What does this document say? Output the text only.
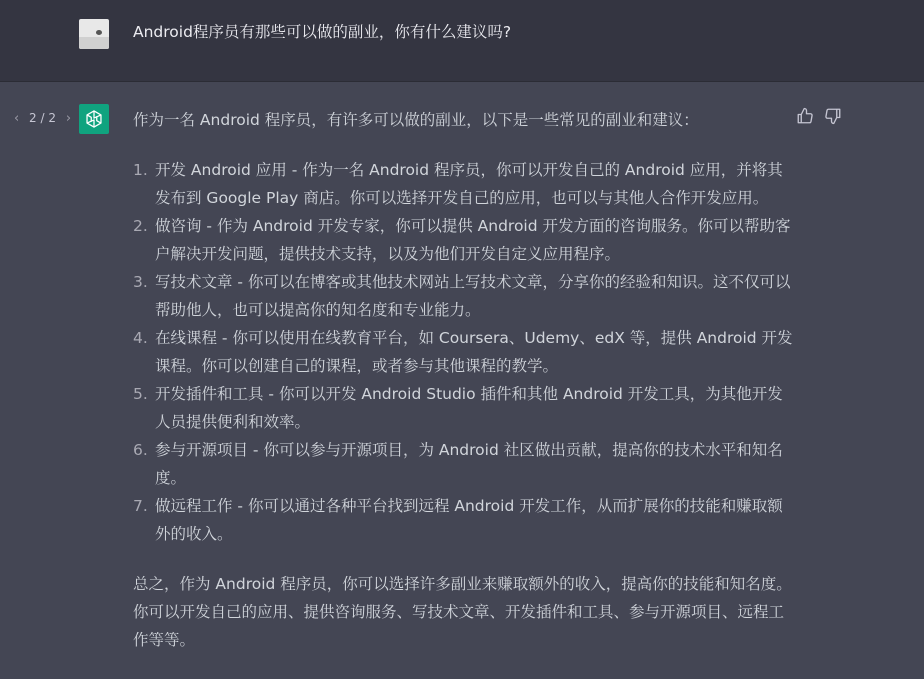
Android程序员有那些可以做的副业，你有什么建议吗?
‹ 2 / 2 ›	作为一名 Android 程序员，有许多可以做的副业，以下是一些常见的副业和建议：

1. 开发 Android 应用 - 作为一名 Android 程序员，你可以开发自己的 Android 应用，并将其发布到 Google Play 商店。你可以选择开发自己的应用，也可以与其他人合作开发应用。
2. 做咨询 - 作为 Android 开发专家，你可以提供 Android 开发方面的咨询服务。你可以帮助客户解决开发问题，提供技术支持，以及为他们开发自定义应用程序。
3. 写技术文章 - 你可以在博客或其他技术网站上写技术文章，分享你的经验和知识。这不仅可以帮助他人，也可以提高你的知名度和专业能力。
4. 在线课程 - 你可以使用在线教育平台，如 Coursera、Udemy、edX 等，提供 Android 开发课程。你可以创建自己的课程，或者参与其他课程的教学。
5. 开发插件和工具 - 你可以开发 Android Studio 插件和其他 Android 开发工具，为其他开发人员提供便利和效率。
6. 参与开源项目 - 你可以参与开源项目，为 Android 社区做出贡献，提高你的技术水平和知名度。
7. 做远程工作 - 你可以通过各种平台找到远程 Android 开发工作，从而扩展你的技能和赚取额外的收入。

总之，作为 Android 程序员，你可以选择许多副业来赚取额外的收入，提高你的技能和知名度。你可以开发自己的应用、提供咨询服务、写技术文章、开发插件和工具、参与开源项目、远程工作等等。
